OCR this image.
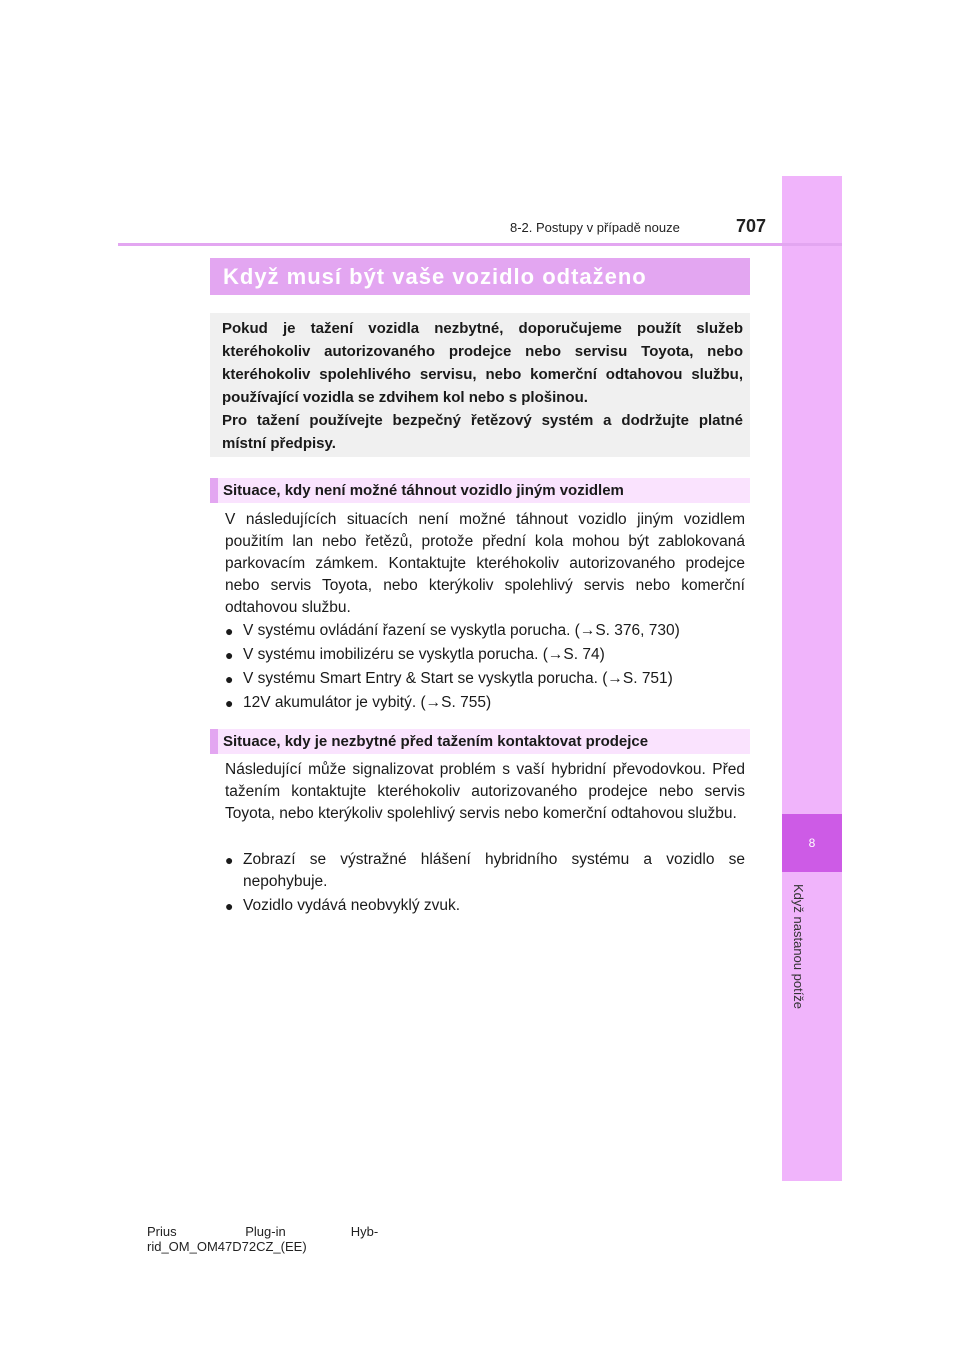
8
Když nastanou potíže
8-2. Postupy v případě nouze	707
Když musí být vaše vozidlo odtaženo

Pokud je tažení vozidla nezbytné, doporučujeme použít služeb kteréhokoliv autorizovaného prodejce nebo servisu Toyota, nebo kteréhokoliv spolehlivého servisu, nebo komerční odtahovou službu, používající vozidla se zdvihem kol nebo s plošinou.

Pro tažení používejte bezpečný řetězový systém a dodržujte platné místní předpisy.

Situace, kdy není možné táhnout vozidlo jiným vozidlem

V následujících situacích není možné táhnout vozidlo jiným vozidlem použitím lan nebo řetězů, protože přední kola mohou být zablokovaná parkovacím zámkem. Kontaktujte kteréhokoliv autorizovaného prodejce nebo servis Toyota, nebo kterýkoliv spolehlivý servis nebo komerční odtahovou službu.

● V systému ovládání řazení se vyskytla porucha. (→S. 376, 730)
● V systému imobilizéru se vyskytla porucha. (→S. 74)
● V systému Smart Entry & Start se vyskytla porucha. (→S. 751)
● 12V akumulátor je vybitý. (→S. 755)
Situace, kdy je nezbytné před tažením kontaktovat prodejce

Následující může signalizovat problém s vaší hybridní převodovkou. Před tažením kontaktujte kteréhokoliv autorizovaného prodejce nebo servis Toyota, nebo kterýkoliv spolehlivý servis nebo komerční odtahovou službu.

● Zobrazí se výstražné hlášení hybridního systému a vozidlo se nepohybuje.
● Vozidlo vydává neobvyklý zvuk.
Prius                   Plug-in                  Hyb-
rid_OM_OM47D72CZ_(EE)
